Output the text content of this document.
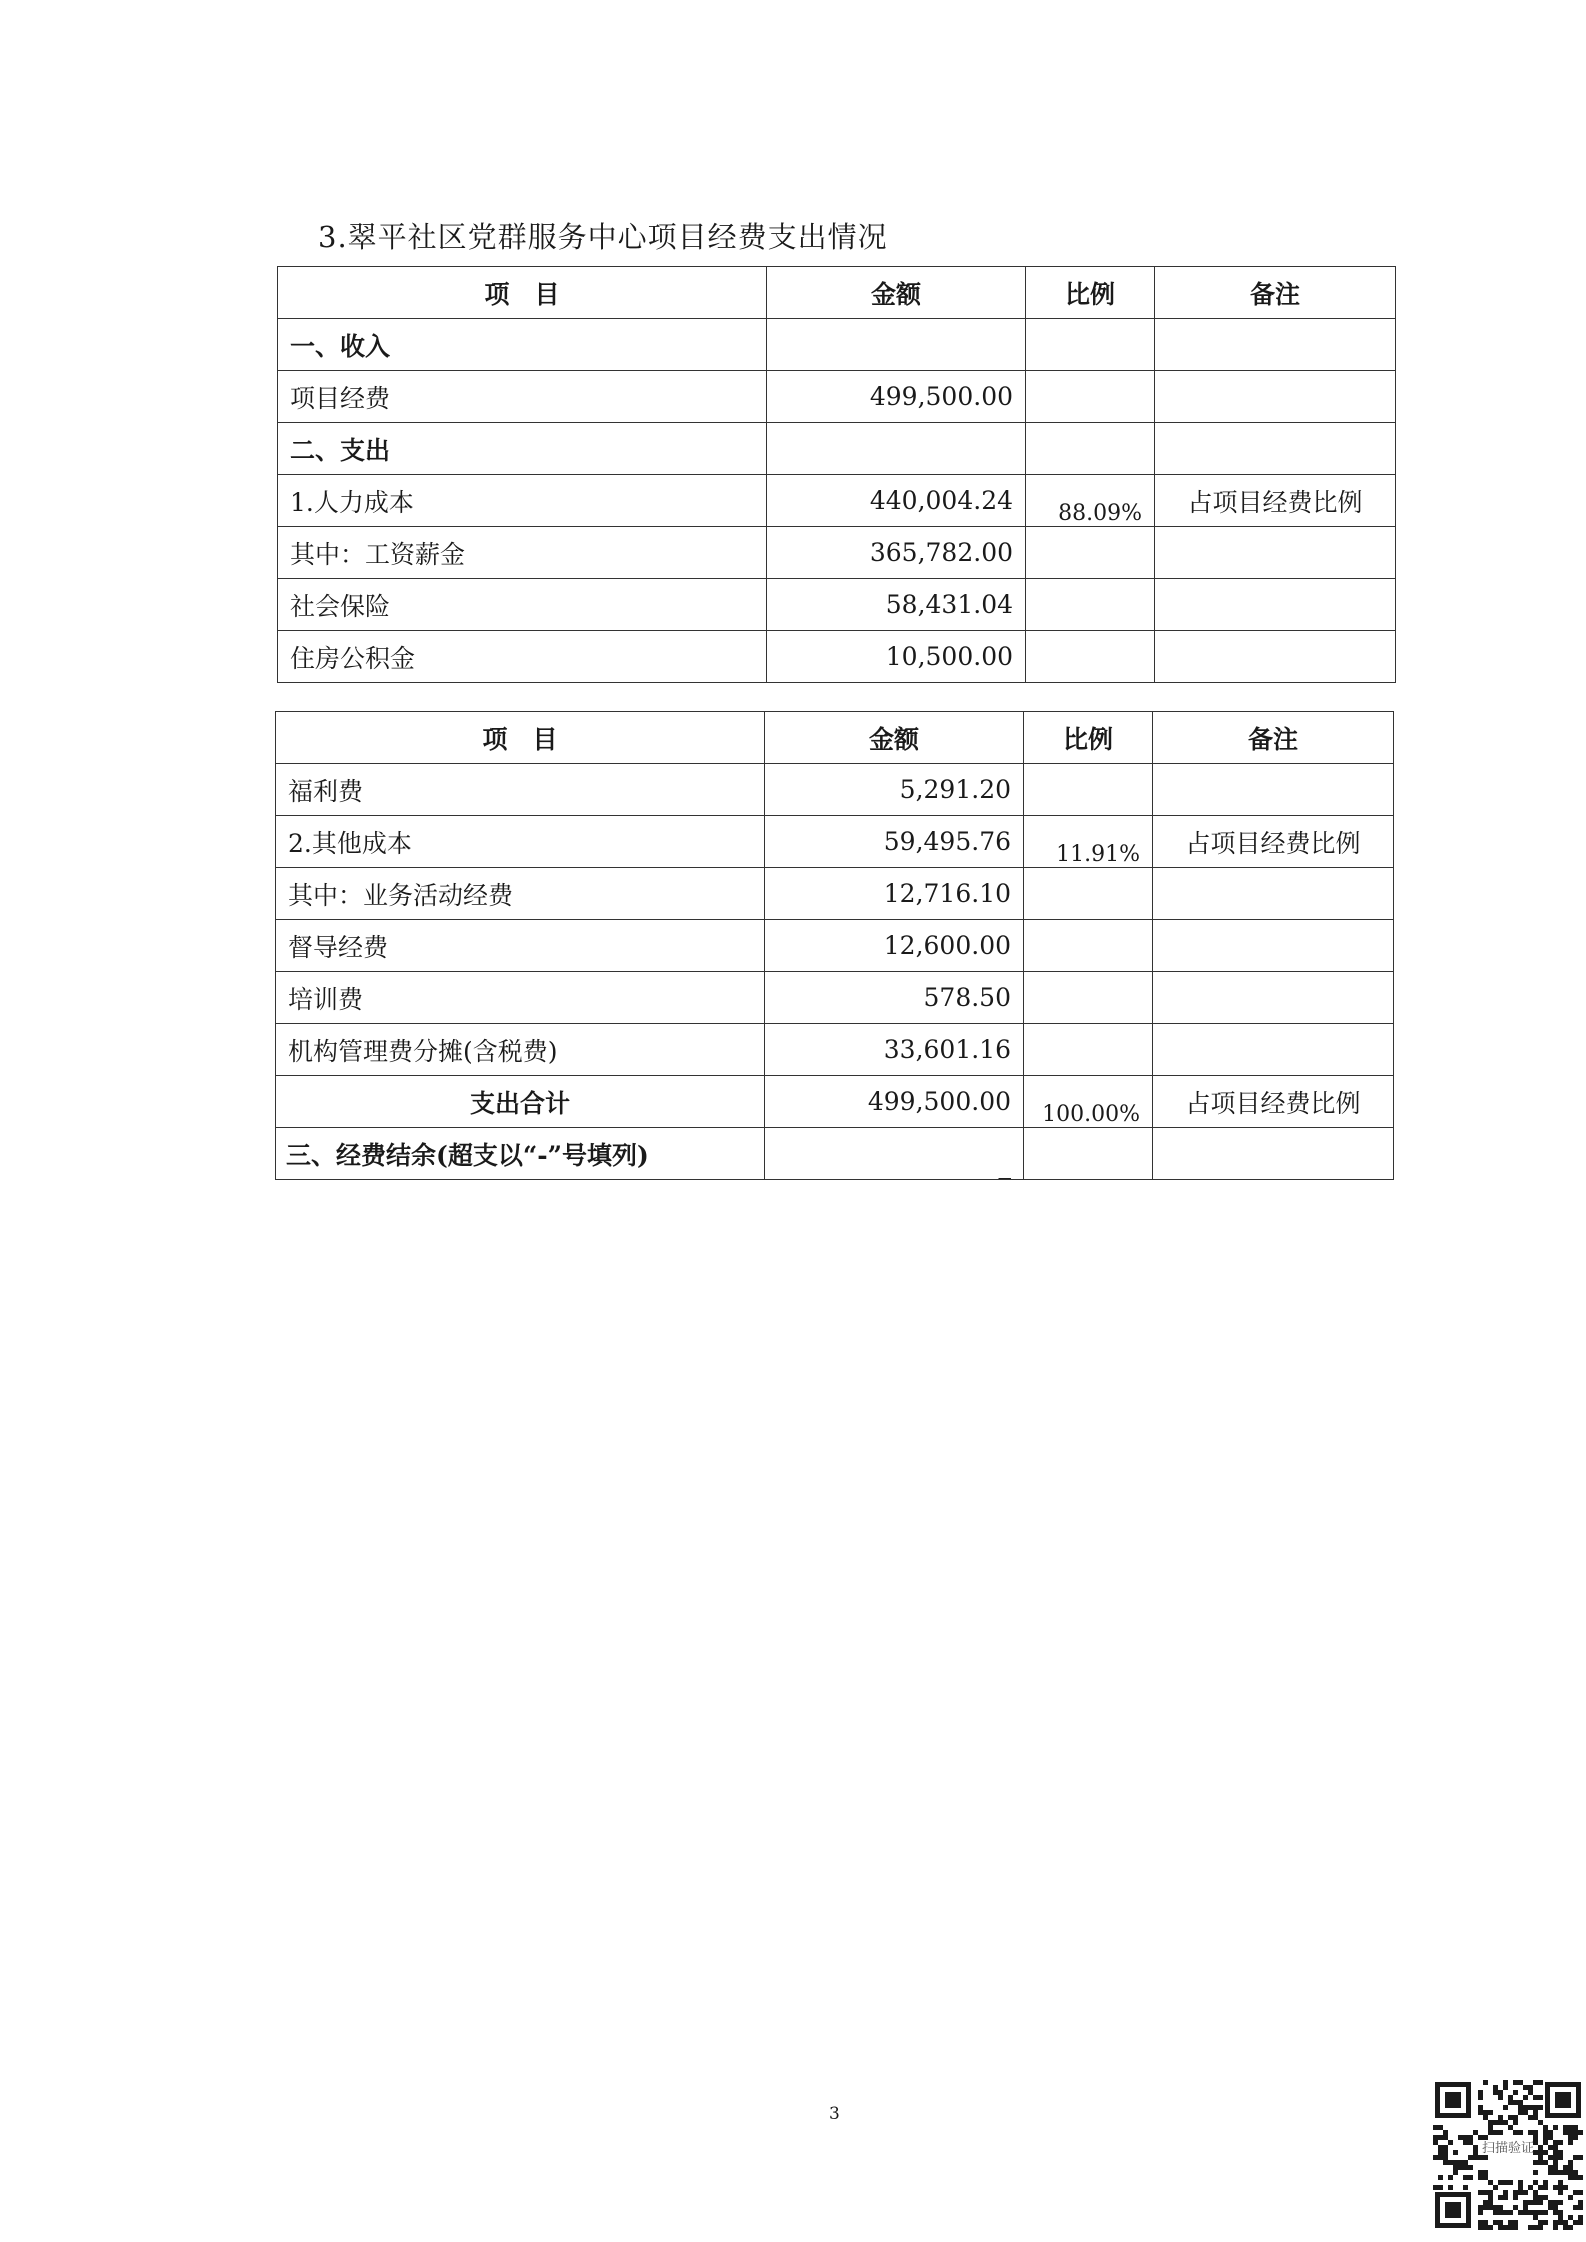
3.翠平社区党群服务中心项目经费支出情况
项　目	金额	比例	备注
一、收入			
项目经费	499,500.00		
二、支出			
1.人力成本	440,004.24	88.09%	占项目经费比例
其中：工资薪金	365,782.00		
社会保险	58,431.04		
住房公积金	10,500.00		
项　目	金额	比例	备注
福利费	5,291.20		
2.其他成本	59,495.76	11.91%	占项目经费比例
其中：业务活动经费	12,716.10		
督导经费	12,600.00		
培训费	578.50		
机构管理费分摊(含税费)	33,601.16		
支出合计	499,500.00	100.00%	占项目经费比例
三、经费结余(超支以“-”号填列)	_		
3
扫描验证
